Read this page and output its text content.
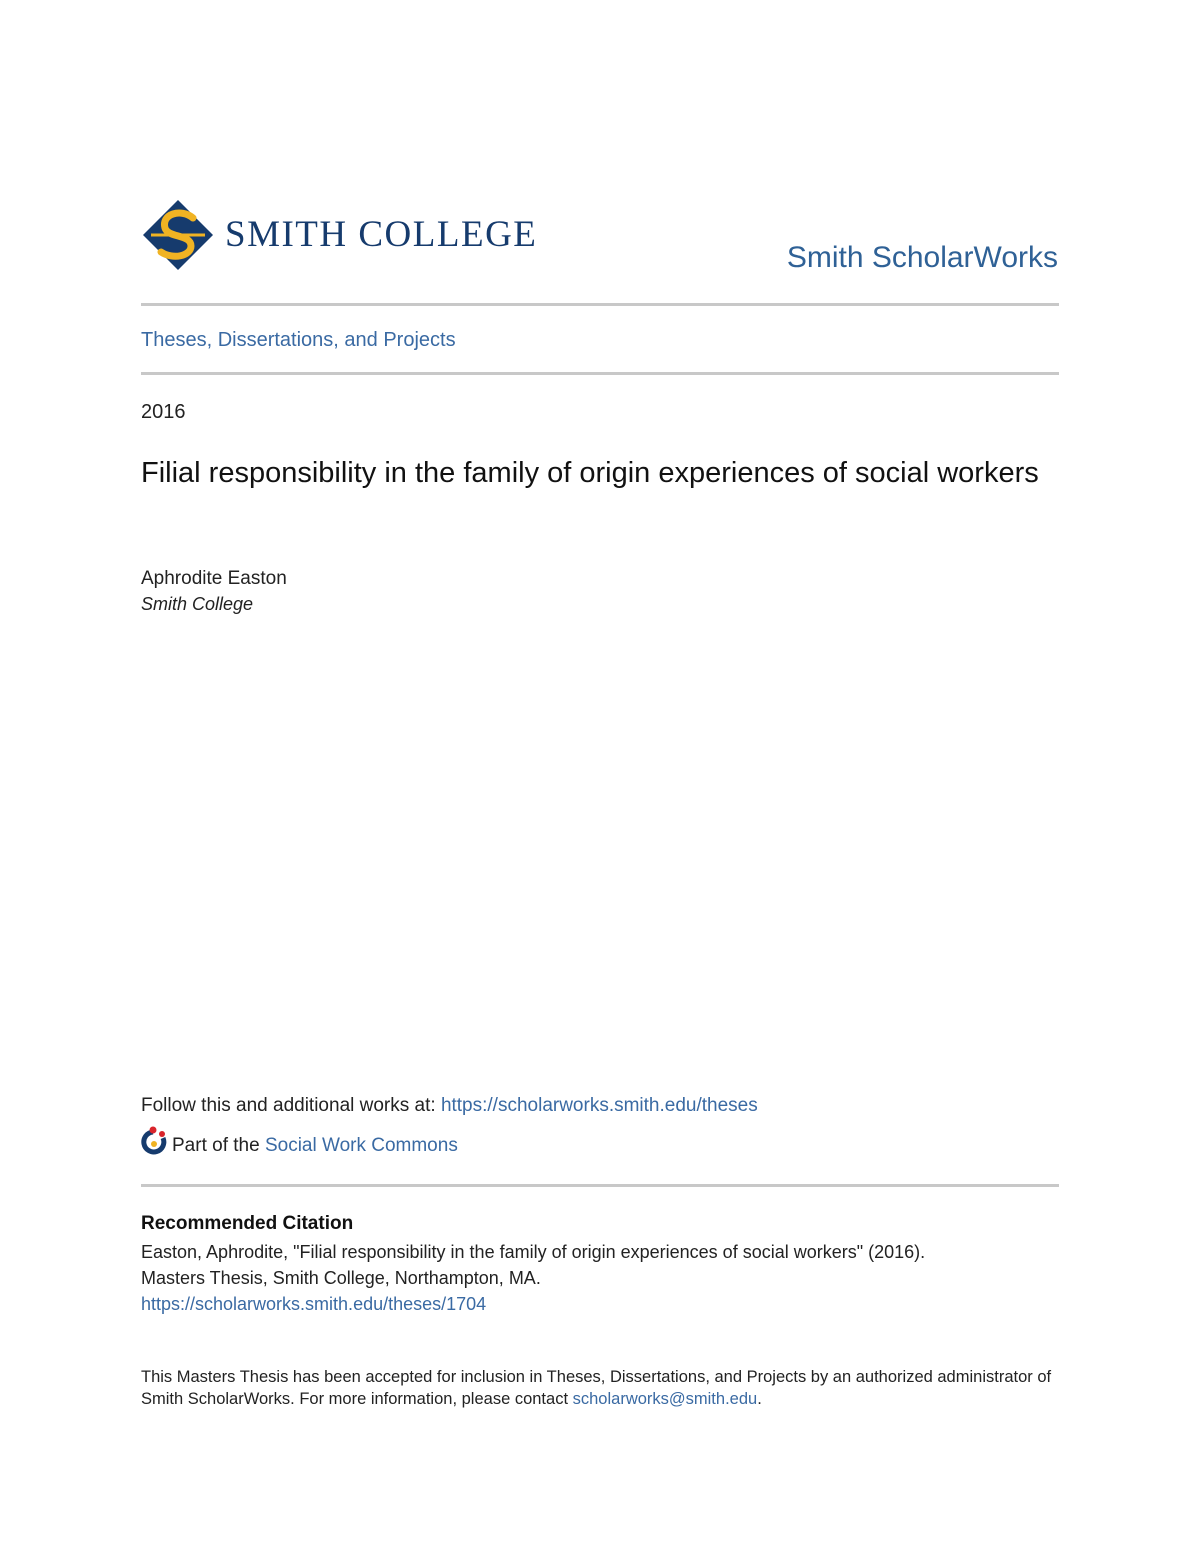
SMITH COLLEGE
Smith ScholarWorks
Theses, Dissertations, and Projects
2016
Filial responsibility in the family of origin experiences of social workers
Aphrodite Easton
Smith College
Follow this and additional works at: https://scholarworks.smith.edu/theses
Part of the Social Work Commons
Recommended Citation
Easton, Aphrodite, "Filial responsibility in the family of origin experiences of social workers" (2016).
Masters Thesis, Smith College, Northampton, MA.
https://scholarworks.smith.edu/theses/1704
This Masters Thesis has been accepted for inclusion in Theses, Dissertations, and Projects by an authorized administrator of Smith ScholarWorks. For more information, please contact scholarworks@smith.edu.
